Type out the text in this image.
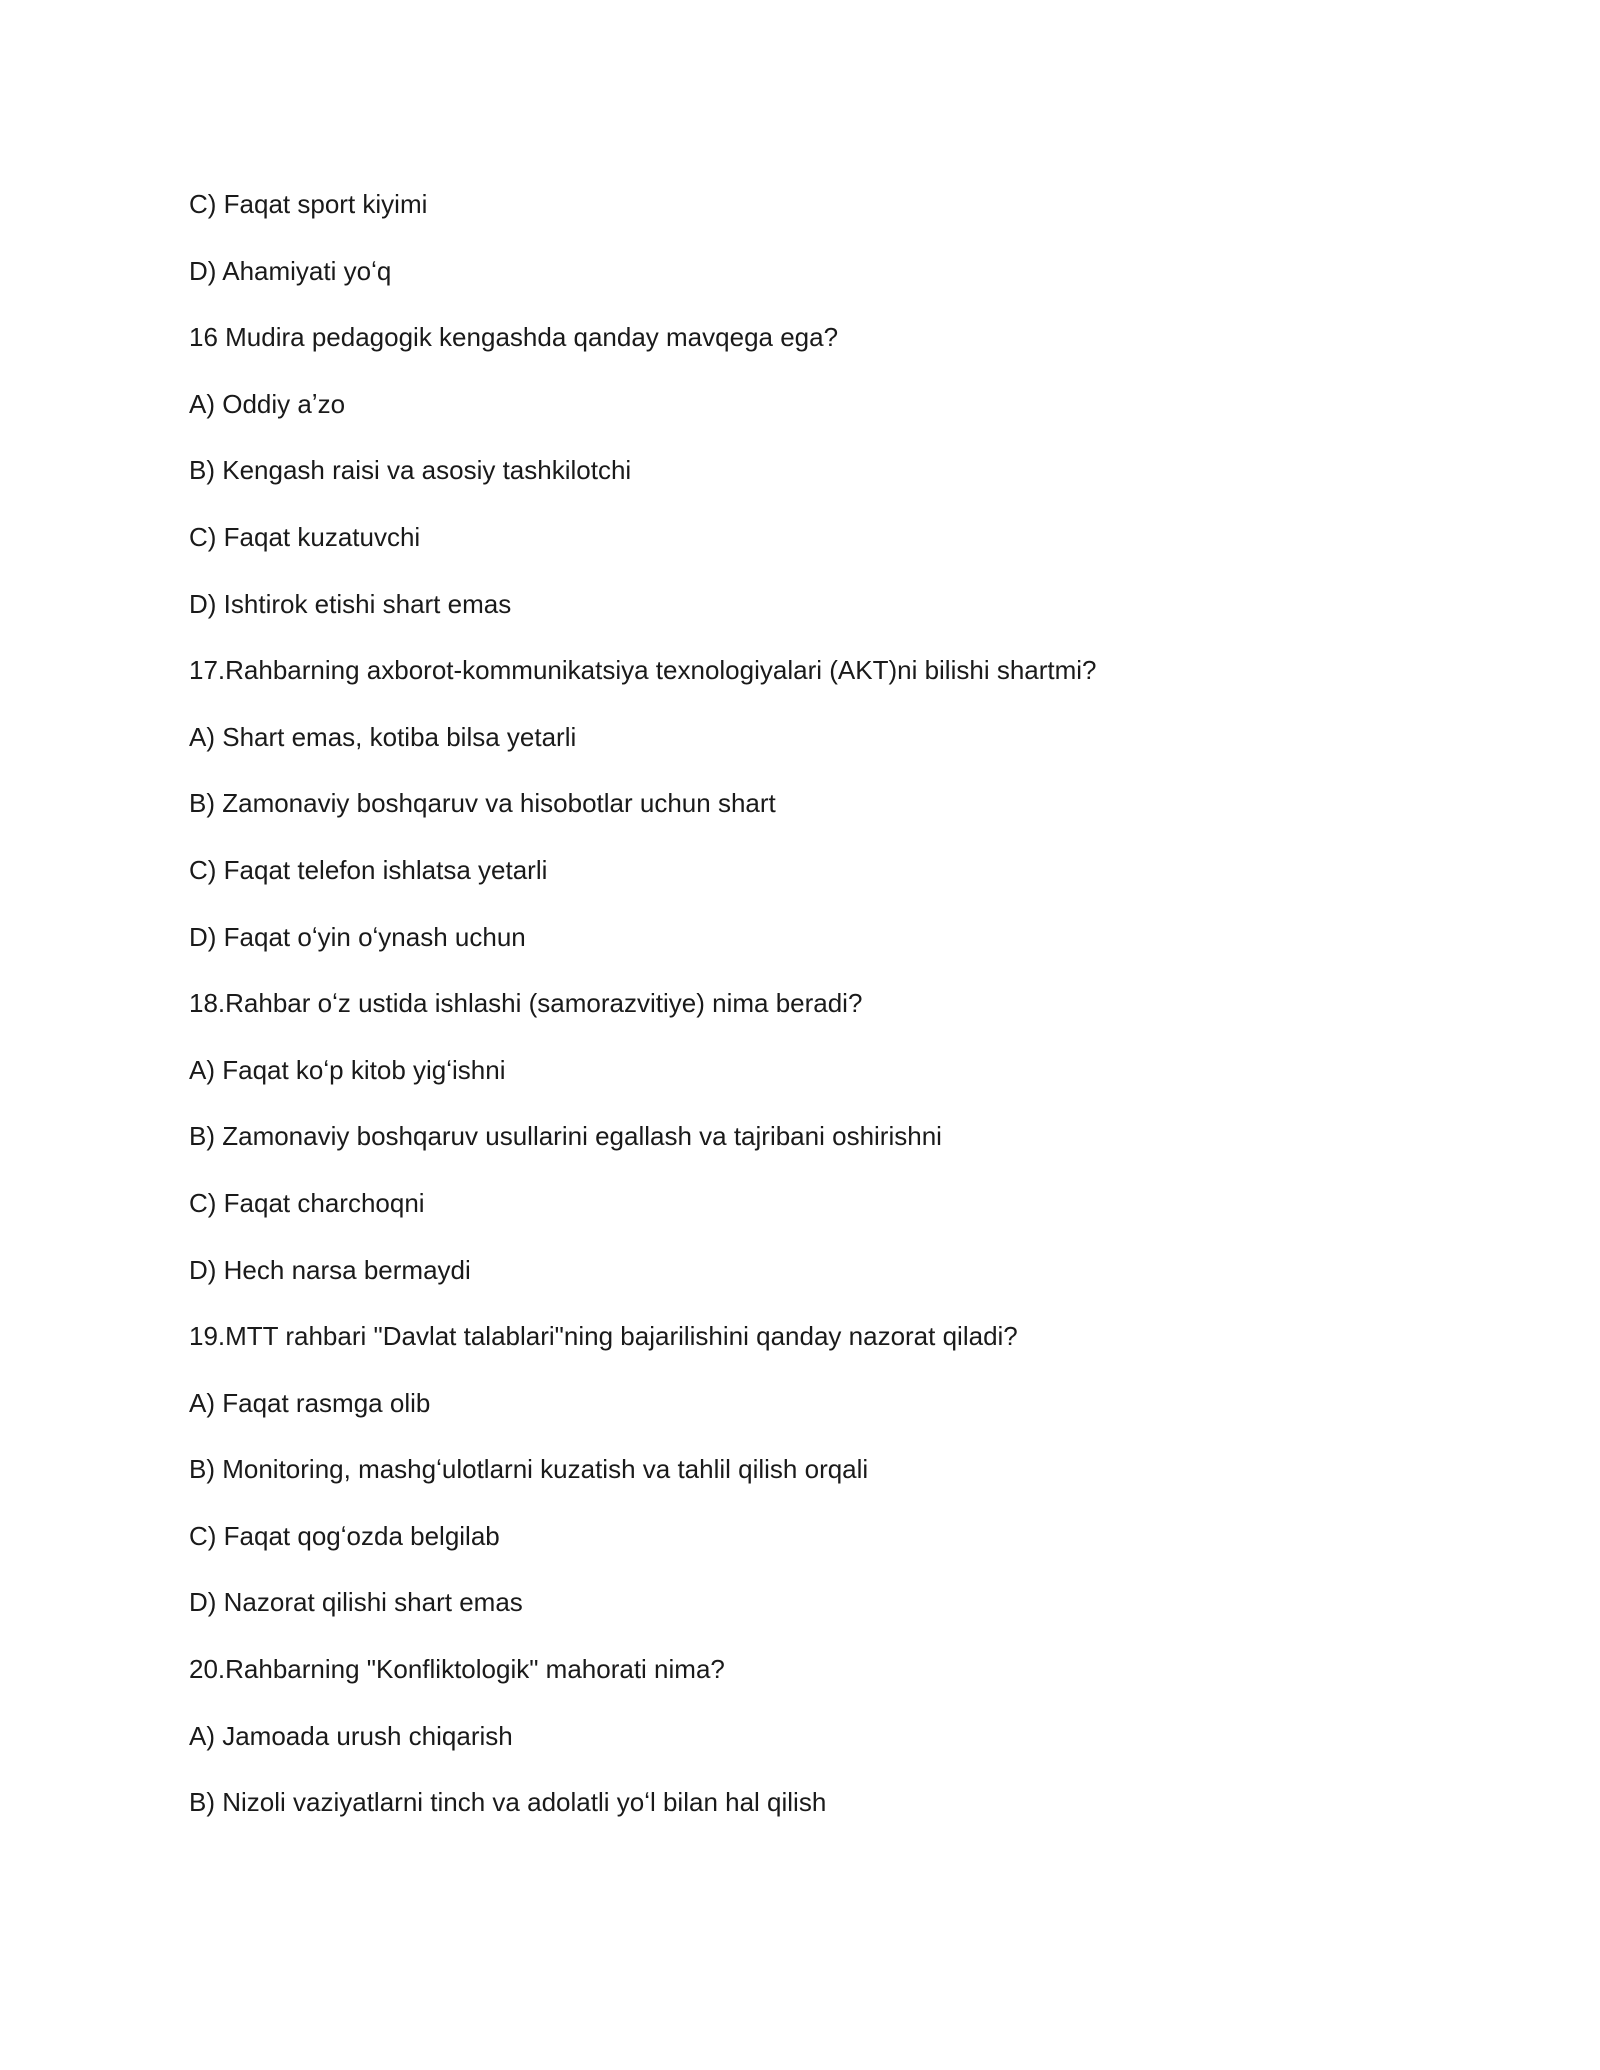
C) Faqat sport kiyimi
D) Ahamiyati yoʻq
16 Mudira pedagogik kengashda qanday mavqega ega?
A) Oddiy aʼzo
B) Kengash raisi va asosiy tashkilotchi
C) Faqat kuzatuvchi
D) Ishtirok etishi shart emas
17.Rahbarning axborot-kommunikatsiya texnologiyalari (AKT)ni bilishi shartmi?
A) Shart emas, kotiba bilsa yetarli
B) Zamonaviy boshqaruv va hisobotlar uchun shart
C) Faqat telefon ishlatsa yetarli
D) Faqat oʻyin oʻynash uchun
18.Rahbar oʻz ustida ishlashi (samorazvitiye) nima beradi?
A) Faqat koʻp kitob yigʻishni
B) Zamonaviy boshqaruv usullarini egallash va tajribani oshirishni
C) Faqat charchoqni
D) Hech narsa bermaydi
19.MTT rahbari "Davlat talablari"ning bajarilishini qanday nazorat qiladi?
A) Faqat rasmga olib
B) Monitoring, mashgʻulotlarni kuzatish va tahlil qilish orqali
C) Faqat qogʻozda belgilab
D) Nazorat qilishi shart emas
20.Rahbarning "Konfliktologik" mahorati nima?
A) Jamoada urush chiqarish
B) Nizoli vaziyatlarni tinch va adolatli yoʻl bilan hal qilish
